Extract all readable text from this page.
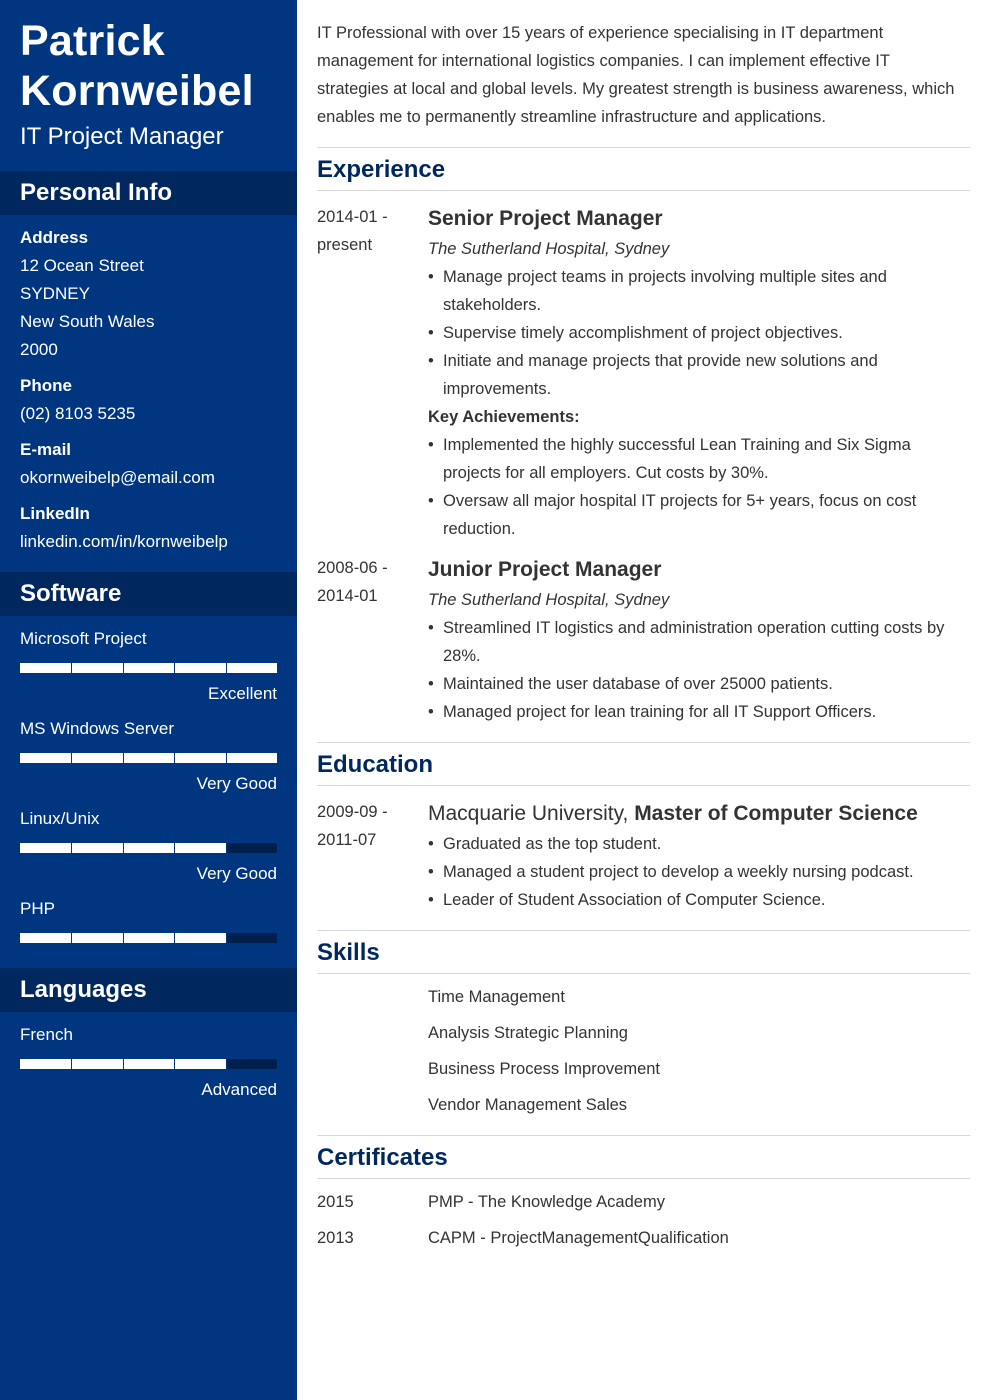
Patrick
Kornweibel
IT Project Manager
Personal Info
Address
12 Ocean Street
SYDNEY
New South Wales
2000
Phone
(02) 8103 5235
E-mail
okornweibelp@email.com
LinkedIn
linkedin.com/in/kornweibelp
Software
Microsoft Project
Excellent
MS Windows Server
Very Good
Linux/Unix
Very Good
PHP
Languages
French
Advanced
IT Professional with over 15 years of experience specialising in IT department management for international logistics companies. I can implement effective IT strategies at local and global levels. My greatest strength is business awareness, which enables me to permanently streamline infrastructure and applications.
Experience
2014-01 -
present
Senior Project Manager
The Sutherland Hospital, Sydney
• Manage project teams in projects involving multiple sites and stakeholders.
• Supervise timely accomplishment of project objectives.
• Initiate and manage projects that provide new solutions and improvements.
Key Achievements:
• Implemented the highly successful Lean Training and Six Sigma projects for all employers. Cut costs by 30%.
• Oversaw all major hospital IT projects for 5+ years, focus on cost reduction.
2008-06 -
2014-01
Junior Project Manager
The Sutherland Hospital, Sydney
• Streamlined IT logistics and administration operation cutting costs by 28%.
• Maintained the user database of over 25000 patients.
• Managed project for lean training for all IT Support Officers.
Education
2009-09 -
2011-07
Macquarie University, Master of Computer Science
• Graduated as the top student.
• Managed a student project to develop a weekly nursing podcast.
• Leader of Student Association of Computer Science.
Skills
Time Management
Analysis Strategic Planning
Business Process Improvement
Vendor Management Sales
Certificates
2015	PMP - The Knowledge Academy
2013	CAPM - ProjectManagementQualification
